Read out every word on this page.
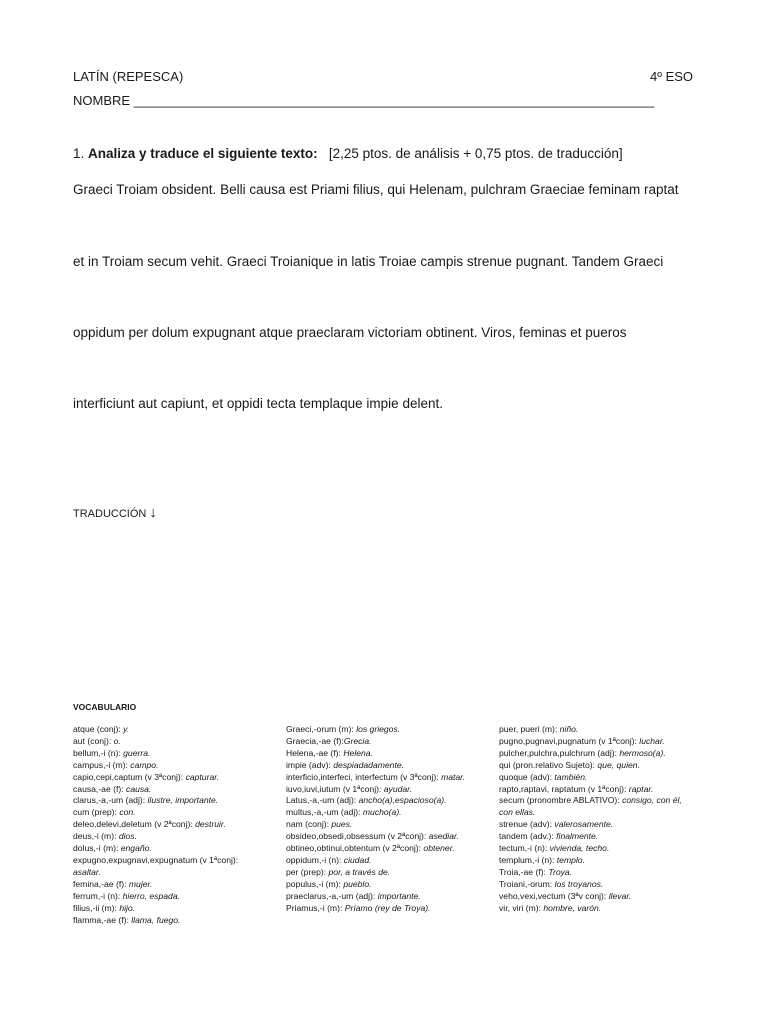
LATÍN (REPESCA)	4º ESO
NOMBRE ________________________________________________________________________
1. Analiza y traduce el siguiente texto: [2,25 ptos. de análisis + 0,75 ptos. de traducción]
Graeci Troiam obsident. Belli causa est Priami filius, qui Helenam, pulchram Graeciae feminam raptat
et in Troiam secum vehit. Graeci Troianique in latis Troiae campis strenue pugnant. Tandem Graeci
oppidum per dolum expugnant atque praeclaram victoriam obtinent. Viros, feminas et pueros
interficiunt aut capiunt, et oppidi tecta templaque impie delent.
TRADUCCIÓN ↓
VOCABULARIO
atque (conj): y.
aut (conj): o.
bellum,-i (n): guerra.
campus,-i (m): campo.
capio,cepi,captum (v 3ªconj): capturar.
causa,-ae (f): causa.
clarus,-a,-um (adj): ilustre, importante.
cum (prep): con.
deleo,delevi,deletum (v 2ªconj): destruir.
deus,-i (m): dios.
dolus,-i (m): engaño.
expugno,expugnavi,expugnatum (v 1ªconj): asaltar.
femina,-ae (f): mujer.
ferrum,-i (n): hierro, espada.
filius,-ii (m): hijo.
flamma,-ae (f): llama, fuego.
Graeci,-orum (m): los griegos.
Graecia,-ae (f):Grecia.
Helena,-ae (f): Helena.
impie (adv): despiadadamente.
interficio,interfeci, interfectum (v 3ªconj): matar.
iuvo,iuvi,iutum (v 1ªconj): ayudar.
Latus,-a,-um (adj): ancho(a),espacioso(a).
multus,-a,-um (adj): mucho(a).
nam (conj): pues.
obsideo,obsedi,obsessum (v 2ªconj): asediar.
obtineo,obtinui,obtentum (v 2ªconj): obtener.
oppidum,-i (n): ciudad.
per (prep): por, a través de.
populus,-i (m): pueblo.
praeclarus,-a,-um (adj): importante.
Priamus,-i (m): Príamo (rey de Troya).
puer, pueri (m): niño.
pugno,pugnavi,pugnatum (v 1ªconj): luchar.
pulcher,pulchra,pulchrum (adj): hermoso(a).
qui (pron.relativo Sujeto): que, quien.
quoque (adv): también.
rapto,raptavi, raptatum (v 1ªconj): raptar.
secum (pronombre ABLATIVO): consigo, con él, con ellas.
strenue (adv): valerosamente.
tandem (adv.): finalmente.
tectum,-i (n): vivienda, techo.
templum,-i (n): templo.
Troia,-ae (f): Troya.
Troiani,-orum: los troyanos.
veho,vexi,vectum (3ªv conj): llevar.
vir, viri (m): hombre, varón.
